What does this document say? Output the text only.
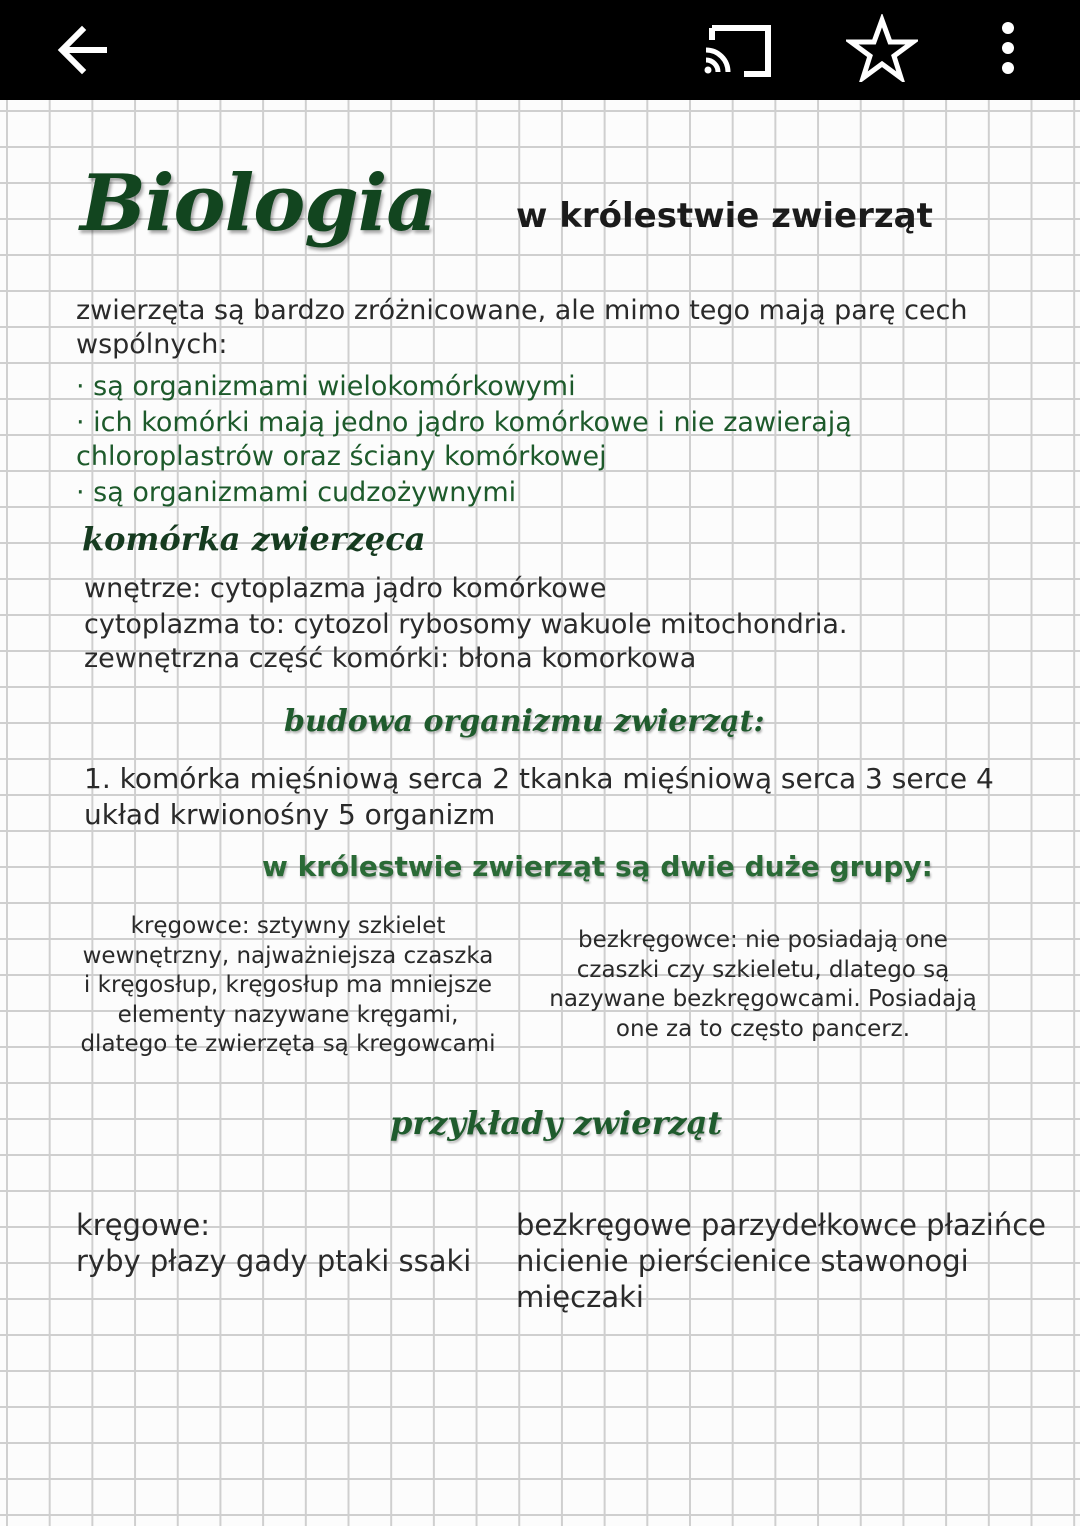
Biologia w królestwie zwierząt
zwierzęta są bardzo zróżnicowane, ale mimo tego mają parę cech
wspólnych:
· są organizmami wielokomórkowymi
· ich komórki mają jedno jądro komórkowe i nie zawierają
chloroplastrów oraz ściany komórkowej
· są organizmami cudzożywnymi
komórka zwierzęca
wnętrze: cytoplazma jądro komórkowe
cytoplazma to: cytozol rybosomy wakuole mitochondria.
zewnętrzna część komórki: błona komorkowa
budowa organizmu zwierząt:
1. komórka mięśniową serca 2 tkanka mięśniową serca 3 serce 4
układ krwionośny 5 organizm
w królestwie zwierząt są dwie duże grupy:
kręgowce: sztywny szkielet wewnętrzny, najważniejsza czaszka i kręgosłup, kręgosłup ma mniejsze elementy nazywane kręgami, dlatego te zwierzęta są kregowcami
bezkręgowce: nie posiadają one czaszki czy szkieletu, dlatego są nazywane bezkręgowcami. Posiadają one za to często pancerz.
przykłady zwierząt
kręgowe:
ryby płazy gady ptaki ssaki
bezkręgowe parzydełkowce płazińce
nicienie pierścienice stawonogi
mięczaki
